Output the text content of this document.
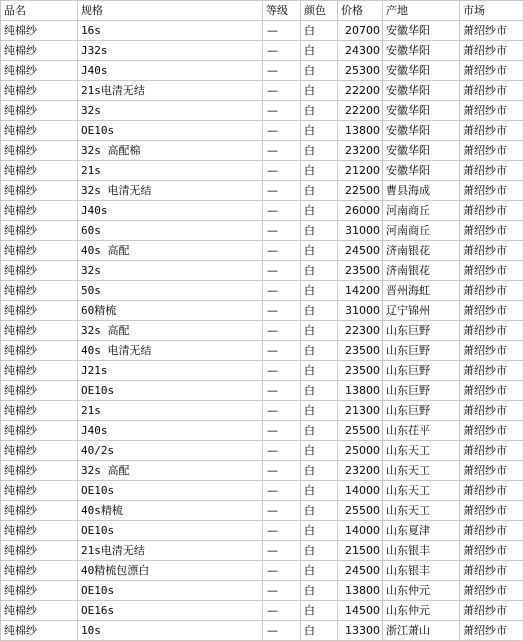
品名	规格	等级	颜色	价格	产地	市场
纯棉纱	16s	—	白	20700	安徽华阳	萧绍纱市
纯棉纱	J32s	—	白	24300	安徽华阳	萧绍纱市
纯棉纱	J40s	—	白	25300	安徽华阳	萧绍纱市
纯棉纱	21s电清无结	—	白	22200	安徽华阳	萧绍纱市
纯棉纱	32s	—	白	22200	安徽华阳	萧绍纱市
纯棉纱	OE10s	—	白	13800	安徽华阳	萧绍纱市
纯棉纱	32s 高配棉	—	白	23200	安徽华阳	萧绍纱市
纯棉纱	21s	—	白	21200	安徽华阳	萧绍纱市
纯棉纱	32s 电清无结	—	白	22500	曹县海成	萧绍纱市
纯棉纱	J40s	—	白	26000	河南商丘	萧绍纱市
纯棉纱	60s	—	白	31000	河南商丘	萧绍纱市
纯棉纱	40s 高配	—	白	24500	济南银花	萧绍纱市
纯棉纱	32s	—	白	23500	济南银花	萧绍纱市
纯棉纱	50s	—	白	14200	晋州海虹	萧绍纱市
纯棉纱	60精梳	—	白	31000	辽宁锦州	萧绍纱市
纯棉纱	32s 高配	—	白	22300	山东巨野	萧绍纱市
纯棉纱	40s 电清无结	—	白	23500	山东巨野	萧绍纱市
纯棉纱	J21s	—	白	23500	山东巨野	萧绍纱市
纯棉纱	OE10s	—	白	13800	山东巨野	萧绍纱市
纯棉纱	21s	—	白	21300	山东巨野	萧绍纱市
纯棉纱	J40s	—	白	25500	山东茌平	萧绍纱市
纯棉纱	40/2s	—	白	25000	山东天工	萧绍纱市
纯棉纱	32s 高配	—	白	23200	山东天工	萧绍纱市
纯棉纱	OE10s	—	白	14000	山东天工	萧绍纱市
纯棉纱	40s精梳	—	白	25500	山东天工	萧绍纱市
纯棉纱	OE10s	—	白	14000	山东夏津	萧绍纱市
纯棉纱	21s电清无结	—	白	21500	山东银丰	萧绍纱市
纯棉纱	40精梳包漂白	—	白	24500	山东银丰	萧绍纱市
纯棉纱	OE10s	—	白	13800	山东仲元	萧绍纱市
纯棉纱	OE16s	—	白	14500	山东仲元	萧绍纱市
纯棉纱	10s	—	白	13300	浙江萧山	萧绍纱市
